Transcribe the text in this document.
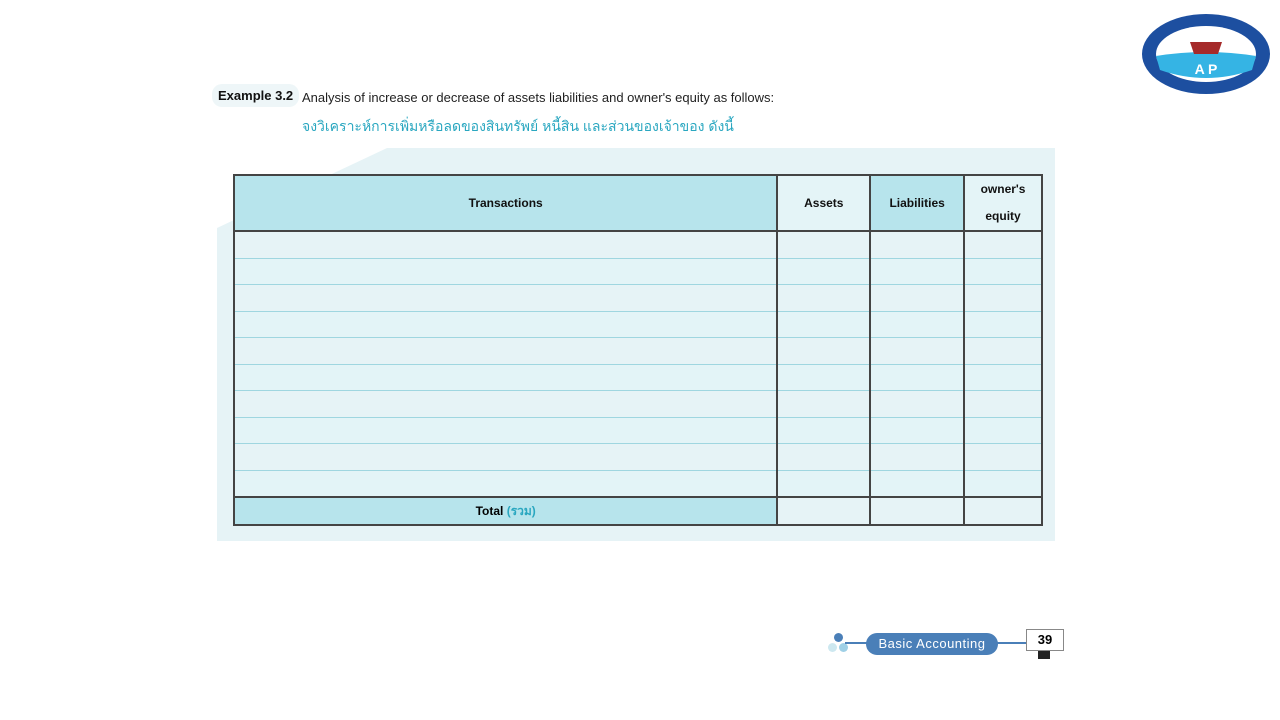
A P
Example 3.2 Analysis of increase or decrease of assets liabilities and owner's equity as follows:
จงวิเคราะห์การเพิ่มหรือลดของสินทรัพย์ หนี้สิน และส่วนของเจ้าของ ดังนี้
Transactions	Assets	Liabilities	owner's equity

Total (รวม)			
Basic Accounting	39
